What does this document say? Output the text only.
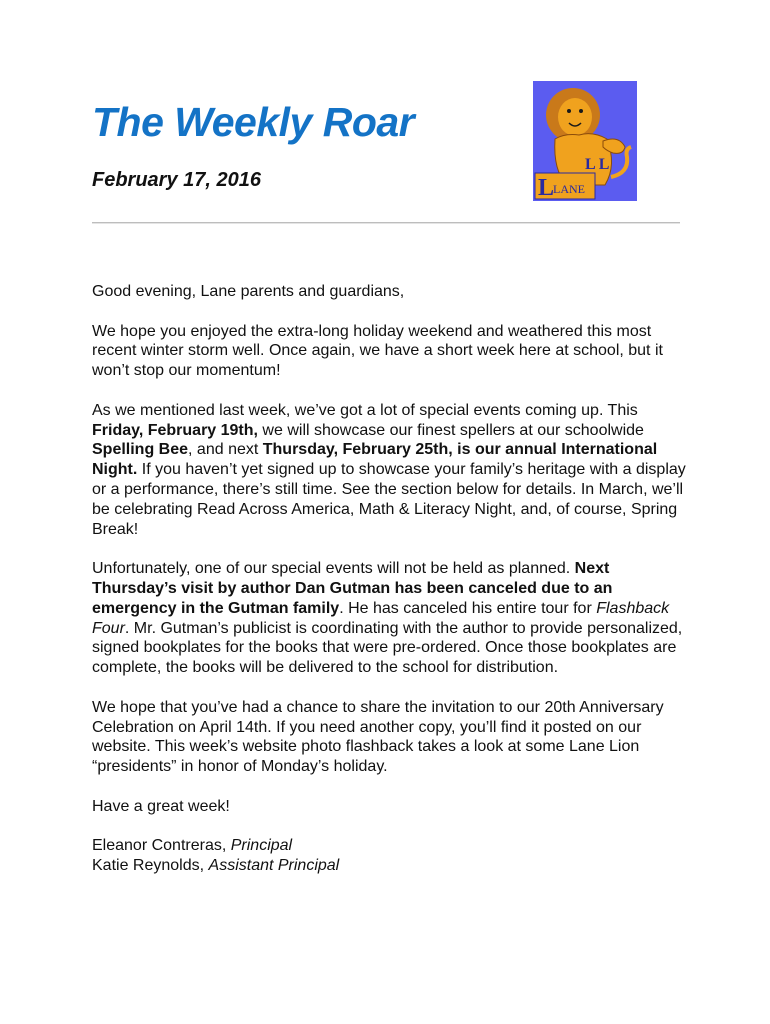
The Weekly Roar
February 17, 2016
L L
L
LANE

Good evening, Lane parents and guardians,

We hope you enjoyed the extra-long holiday weekend and weathered this most recent winter storm well. Once again, we have a short week here at school, but it won’t stop our momentum!

As we mentioned last week, we’ve got a lot of special events coming up. This Friday, February 19th, we will showcase our finest spellers at our schoolwide Spelling Bee, and next Thursday, February 25th, is our annual International Night. If you haven’t yet signed up to showcase your family’s heritage with a display or a performance, there’s still time. See the section below for details. In March, we’ll be celebrating Read Across America, Math & Literacy Night, and, of course, Spring Break!

Unfortunately, one of our special events will not be held as planned. Next Thursday’s visit by author Dan Gutman has been canceled due to an emergency in the Gutman family. He has canceled his entire tour for Flashback Four. Mr. Gutman’s publicist is coordinating with the author to provide personalized, signed bookplates for the books that were pre-ordered. Once those bookplates are complete, the books will be delivered to the school for distribution.

We hope that you’ve had a chance to share the invitation to our 20th Anniversary Celebration on April 14th. If you need another copy, you’ll find it posted on our website. This week’s website photo flashback takes a look at some Lane Lion “presidents” in honor of Monday’s holiday.

Have a great week!

Eleanor Contreras, Principal
Katie Reynolds, Assistant Principal
